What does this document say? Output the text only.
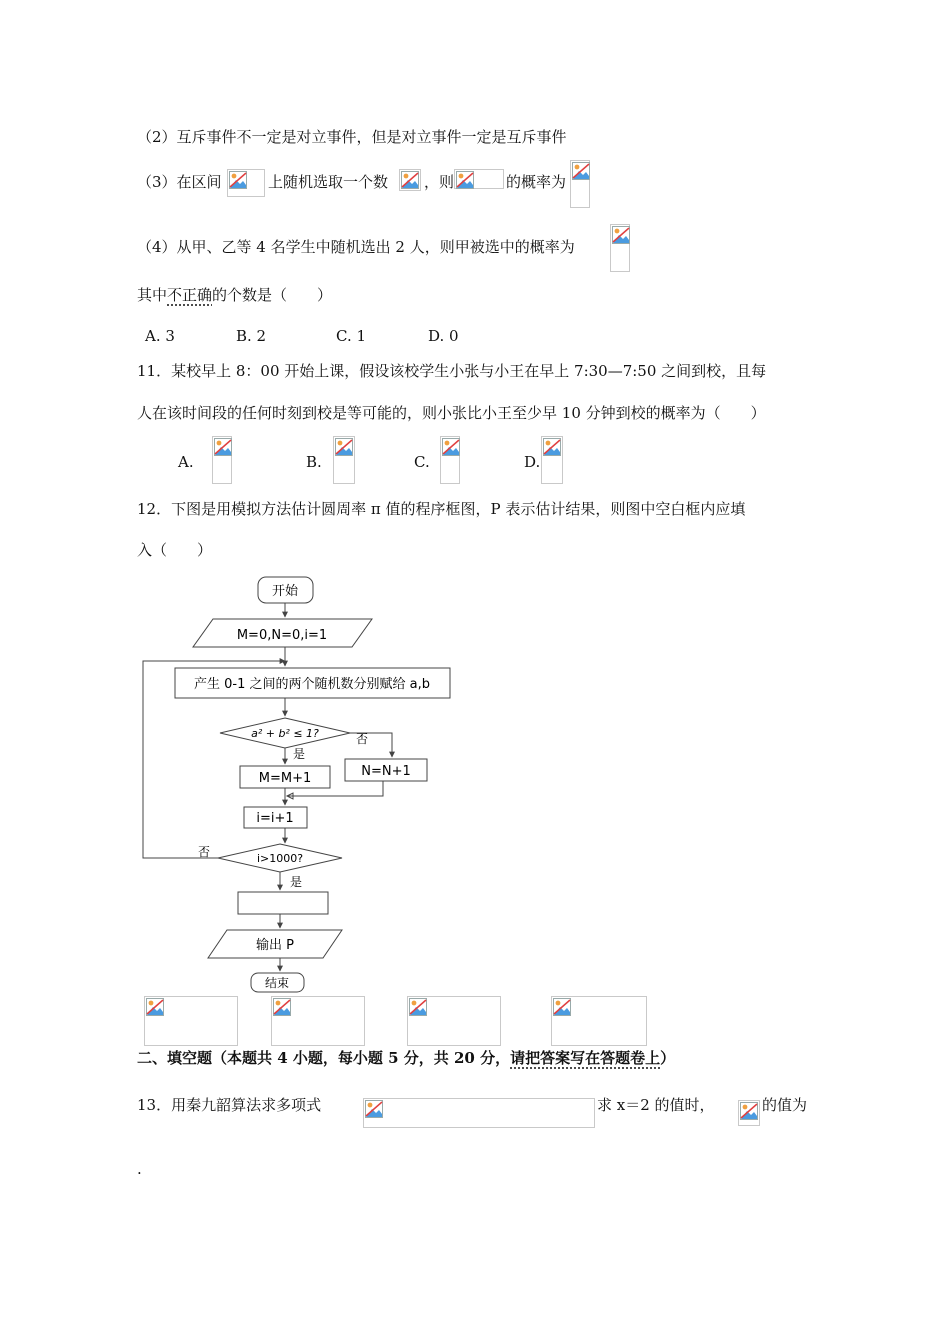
（2）互斥事件不一定是对立事件，但是对立事件一定是互斥事件
（3）在区间	上随机选取一个数 ，则	的概率为
（4）从甲、乙等 4 名学生中随机选出 2 人，则甲被选中的概率为
其中不正确的个数是（　　）
A. 3	B. 2	C. 1	D. 0
11．某校早上 8：00 开始上课，假设该校学生小张与小王在早上 7:30—7:50 之间到校，且每
人在该时间段的任何时刻到校是等可能的，则小张比小王至少早 10 分钟到校的概率为（　　）
A.	B.	C.	D.
12．下图是用模拟方法估计圆周率 π 值的程序框图，P 表示估计结果，则图中空白框内应填
入（　　）
开始
M=0,N=0,i=1
产生 0-1 之间的两个随机数分别赋给 a,b
a² + b² ≤ 1?
是
否
M=M+1	N=N+1
i=i+1
i>1000?
否
是
输出 P
结束
二、填空题（本题共 4 小题，每小题 5 分，共 20 分，请把答案写在答题卷上）
13．用秦九韶算法求多项式	求 x＝2 的值时，	的值为
.
